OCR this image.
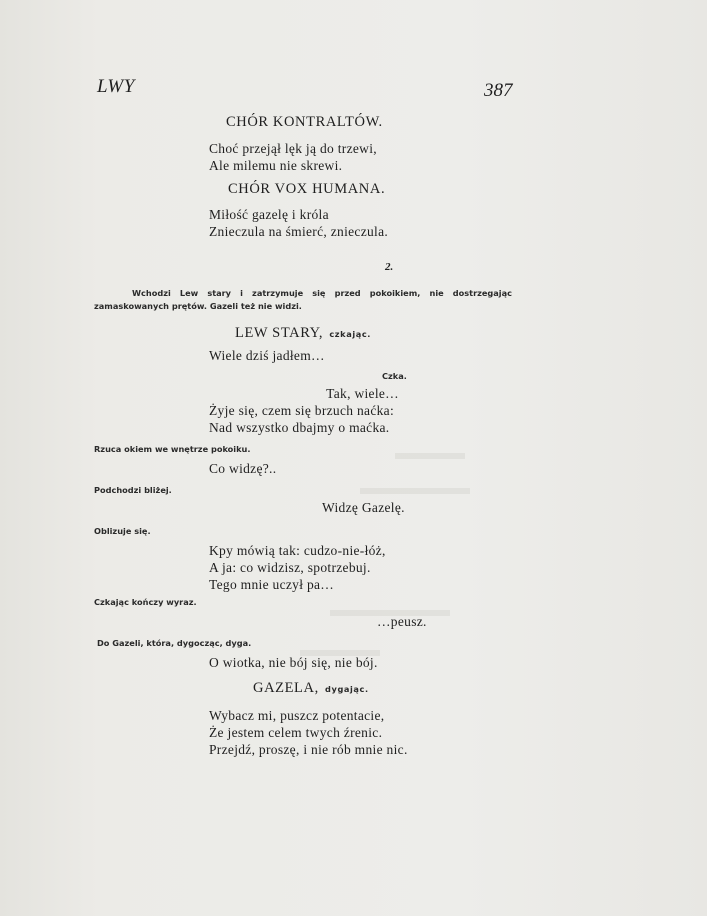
LWY	387
CHÓR KONTRALTÓW.
Choć przejął lęk ją do trzewi,
Ale milemu nie skrewi.
CHÓR VOX HUMANA.
Miłość gazelę i króla
Znieczula na śmierć, znieczula.
2.
Wchodzi Lew stary i zatrzymuje się przed pokoikiem, nie dostrzegając zamaskowanych prętów. Gazeli też nie widzi.
LEW STARY, czkając.
Wiele dziś jadłem…
Czka.
Tak, wiele…
Żyje się, czem się brzuch naćka:
Nad wszystko dbajmy o maćka.
Rzuca okiem we wnętrze pokoiku.
Co widzę?..
Podchodzi bliżej.
Widzę Gazelę.
Oblizuje się.
Kpy mówią tak: cudzo-nie-łóż,
A ja: co widzisz, spotrzebuj.
Tego mnie uczył pa…
Czkając kończy wyraz.
…peusz.
Do Gazeli, która, dygocząc, dyga.
O wiotka, nie bój się, nie bój.
GAZELA, dygając.
Wybacz mi, puszcz potentacie,
Że jestem celem twych źrenic.
Przejdź, proszę, i nie rób mnie nic.
